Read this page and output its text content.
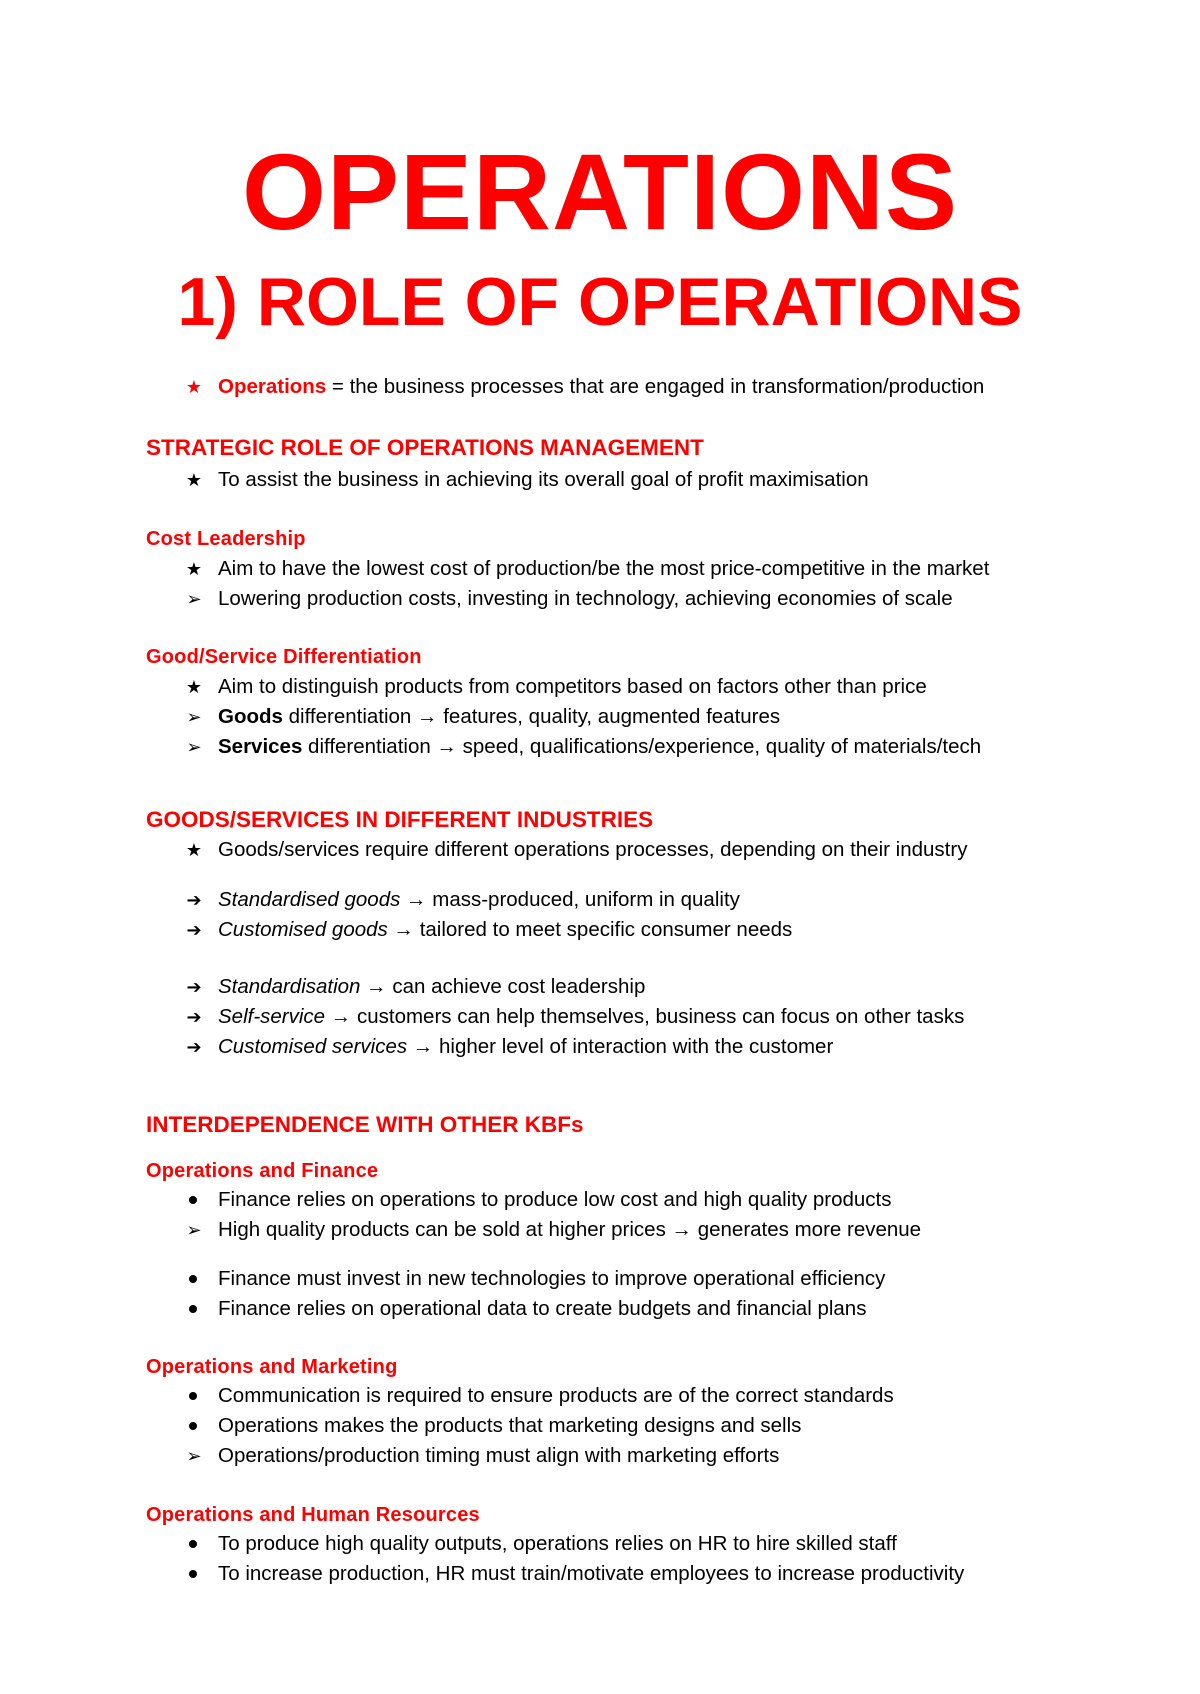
OPERATIONS
1) ROLE OF OPERATIONS
★ Operations = the business processes that are engaged in transformation/production
STRATEGIC ROLE OF OPERATIONS MANAGEMENT
★ To assist the business in achieving its overall goal of profit maximisation
Cost Leadership
★ Aim to have the lowest cost of production/be the most price-competitive in the market
➢ Lowering production costs, investing in technology, achieving economies of scale
Good/Service Differentiation
★ Aim to distinguish products from competitors based on factors other than price
➢ Goods differentiation → features, quality, augmented features
➢ Services differentiation → speed, qualifications/experience, quality of materials/tech
GOODS/SERVICES IN DIFFERENT INDUSTRIES
★ Goods/services require different operations processes, depending on their industry
➔ Standardised goods → mass-produced, uniform in quality
➔ Customised goods → tailored to meet specific consumer needs
➔ Standardisation → can achieve cost leadership
➔ Self-service → customers can help themselves, business can focus on other tasks
➔ Customised services → higher level of interaction with the customer
INTERDEPENDENCE WITH OTHER KBFs
Operations and Finance
Finance relies on operations to produce low cost and high quality products
➢ High quality products can be sold at higher prices → generates more revenue
Finance must invest in new technologies to improve operational efficiency
Finance relies on operational data to create budgets and financial plans
Operations and Marketing
Communication is required to ensure products are of the correct standards
Operations makes the products that marketing designs and sells
➢ Operations/production timing must align with marketing efforts
Operations and Human Resources
To produce high quality outputs, operations relies on HR to hire skilled staff
To increase production, HR must train/motivate employees to increase productivity
